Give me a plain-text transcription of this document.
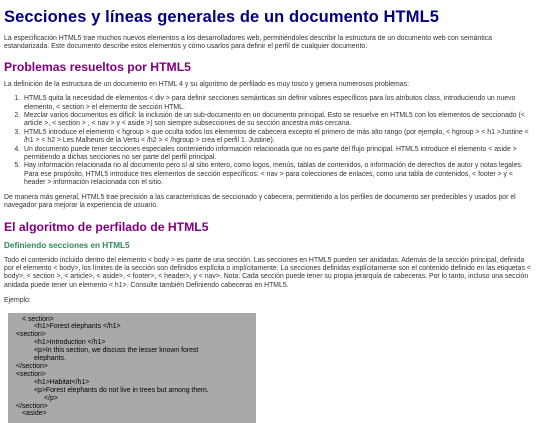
Secciones y líneas generales de un documento HTML5

La especificación HTML5 trae muchos nuevos elementos a los desarrolladores web, permitiéndoles describir la estructura de un documento web con semántica estandarizada. Este documento describe estos elementos y cómo usarlos para definir el perfil de cualquier documento.

Problemas resueltos por HTML5

La definición de la estructura de un documento en HTML 4 y su algoritmo de perfilado es muy tosco y genera numerosos problemas:

1. HTML5 quita la necesidad de elementos < div > para definir secciones semánticas sin definir valores específicos para los atributos class, introduciendo un nuevo elemento, < section > el elemento de sección HTML.
2. Mezclar varios documentos es difícil: la inclusión de un sub-documento en un documento principal. Esto se resuelve en HTML5 con los elementos de seccionado (< article >, < section > , < nav > y < aside >) son siempre subsecciones de su sección ancestra más cercana.
3. HTML5 introduce el elemento < hgroup > que oculta todos los elementos de cabecera excepto el primero de más alto rango (por ejemplo, < hgroup > < h1 >Justine < /h1 > < h2 > Les Malheurs de la Vertu < /h2 > < /hgroup > crea el perfil 1. Justine).
4. Un documento puede tener secciones especiales conteniendo información relacionada que no es parte del flujo principal. HTML5 introduce el elemento < aside > permitiendo a dichas secciones no ser parte del perfil principal.
5. Hay información relacionada no al documento pero sí al sitio entero, como logos, menús, tablas de contenidos, o información de derechos de autor y notas legales. Para ese propósito, HTML5 introduce tres elementos de sección específicos: < nav > para colecciones de enlaces, como una tabla de contenidos, < footer > y < header > información relacionada con el sitio.

De manera más general, HTML5 trae precisión a las características de seccionado y cabecera, permitiendo a los perfiles de documento ser predecibles y usados por el navegador para mejorar la experiencia de usuario.

El algoritmo de perfilado de HTML5
Definiendo secciones en HTML5

Todo el contenido incluido dentro del elemento < body > es parte de una sección. Las secciones en HTML5 pueden ser anidadas. Además de la sección principal, definida por el elemento < body>, los límites de la sección son definidos explícita o implícitamente. La secciones definidas explícitamente son el contenido definido en las etiquetas < body>, < section >, < article>, < aside>, < footer>, < header>, y < nav>. Nota: Cada sección puede tener su propia jerarquía de cabeceras. Por lo tanto, incluso una sección anidada puede tener un elemento < h1>. Consulte también Definiendo cabeceras en HTML5.

Ejemplo:

< section>
<h1>Forest elephants </h1>
<section>
<h1>Introduction </h1>
<p>In this section, we discuss the lesser known forest
elephants.
</section>
<section>
<h1>Habitat</h1>
<p>Forest elephants do not live in trees but among them.
</p>
</section>
<aside>
